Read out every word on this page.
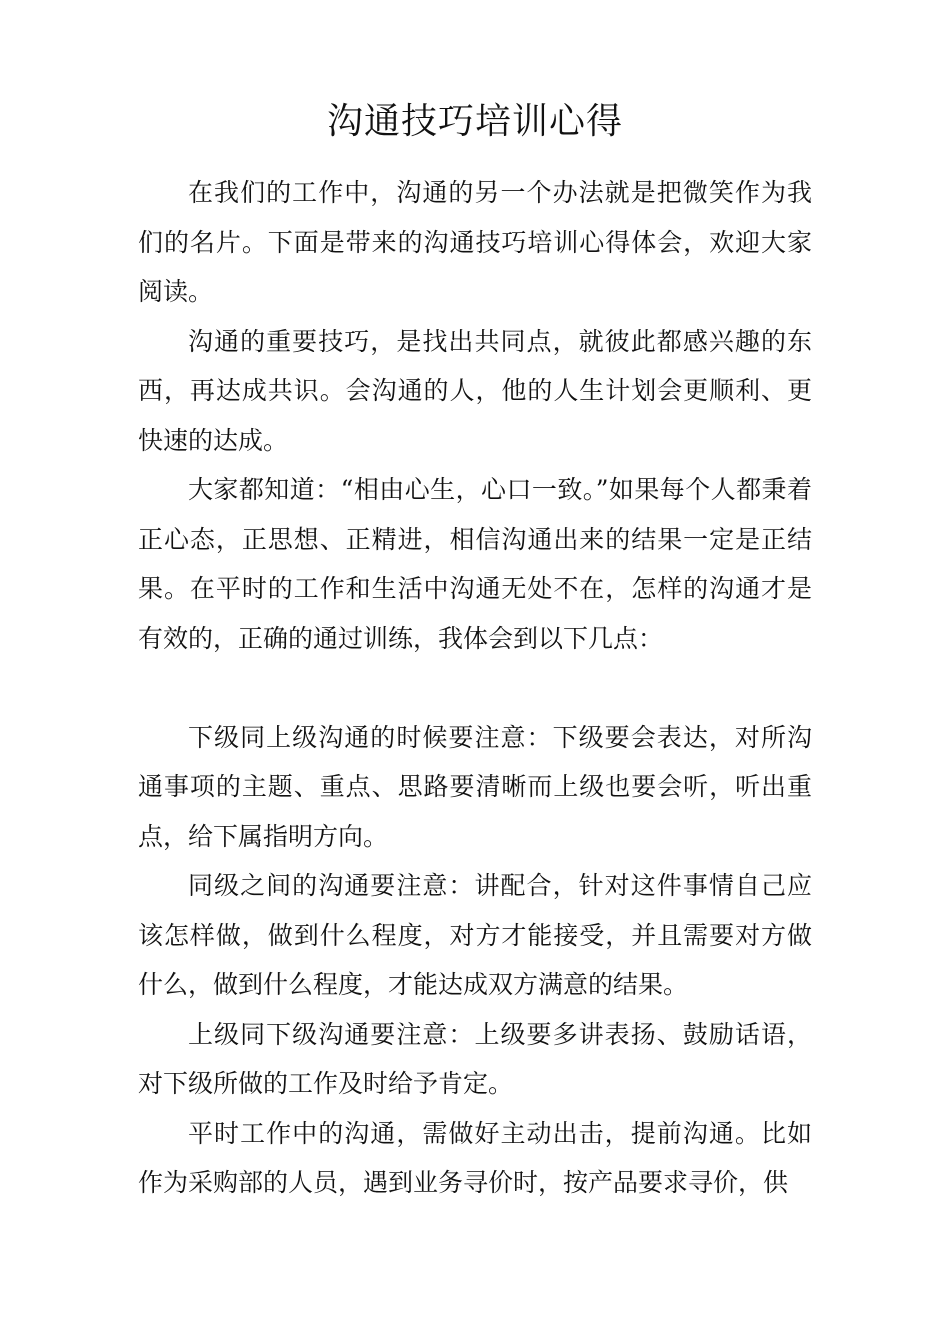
沟通技巧培训心得

在我们的工作中，沟通的另一个办法就是把微笑作为我们的名片。下面是带来的沟通技巧培训心得体会，欢迎大家阅读。

沟通的重要技巧，是找出共同点，就彼此都感兴趣的东西，再达成共识。会沟通的人，他的人生计划会更顺利、更快速的达成。

大家都知道：“相由心生，心口一致。”如果每个人都秉着正心态，正思想、正精进，相信沟通出来的结果一定是正结果。在平时的工作和生活中沟通无处不在，怎样的沟通才是有效的，正确的通过训练，我体会到以下几点：

下级同上级沟通的时候要注意：下级要会表达，对所沟通事项的主题、重点、思路要清晰而上级也要会听，听出重点，给下属指明方向。

同级之间的沟通要注意：讲配合，针对这件事情自己应该怎样做，做到什么程度，对方才能接受，并且需要对方做什么，做到什么程度，才能达成双方满意的结果。

上级同下级沟通要注意：上级要多讲表扬、鼓励话语，对下级所做的工作及时给予肯定。

平时工作中的沟通，需做好主动出击，提前沟通。比如作为采购部的人员，遇到业务寻价时，按产品要求寻价，供
